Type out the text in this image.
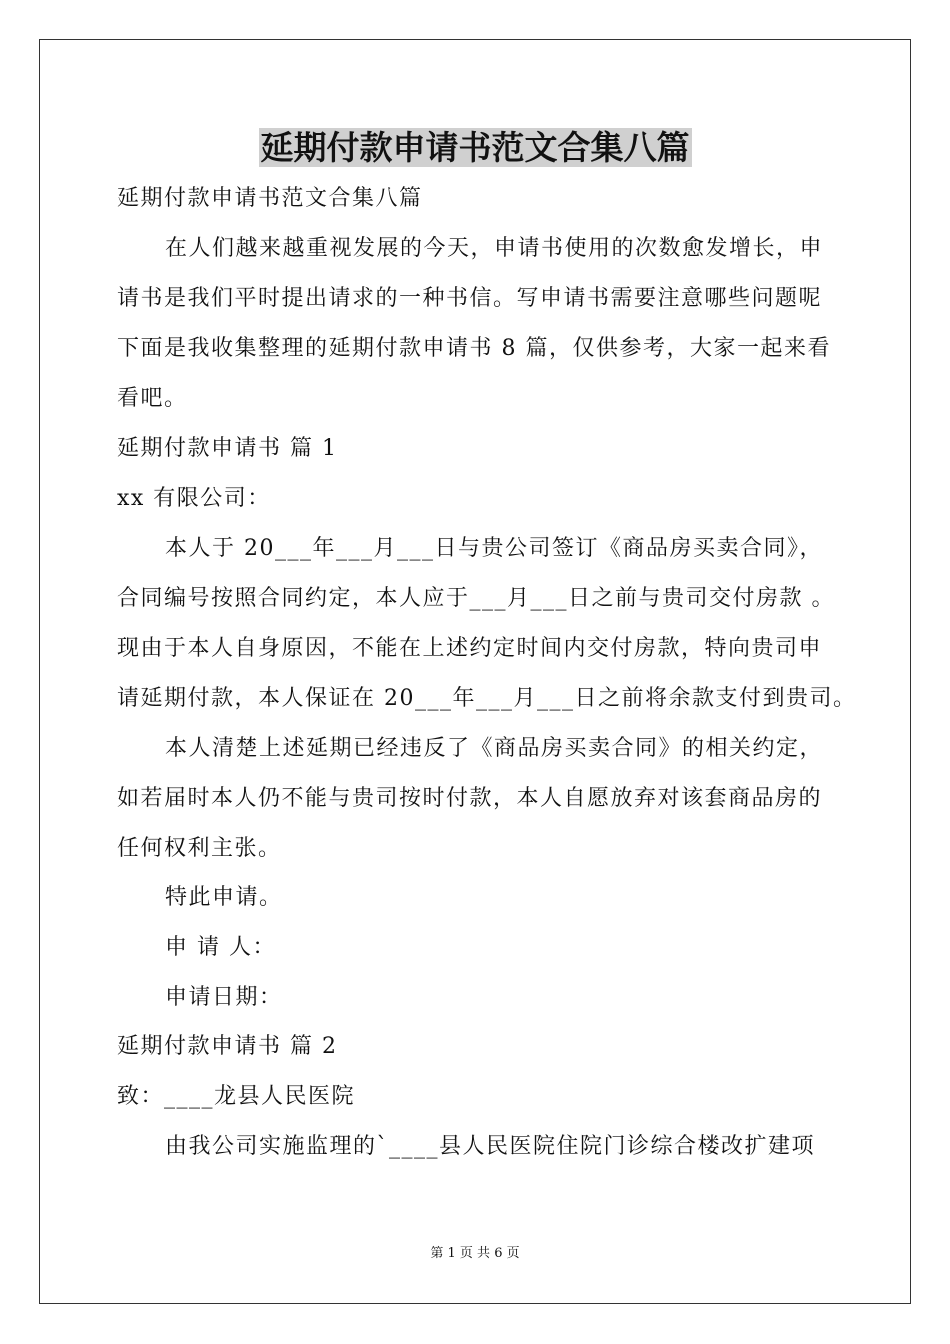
延期付款申请书范文合集八篇
延期付款申请书范文合集八篇
在人们越来越重视发展的今天，申请书使用的次数愈发增长，申
请书是我们平时提出请求的一种书信。写申请书需要注意哪些问题呢
下面是我收集整理的延期付款申请书 8 篇，仅供参考，大家一起来看
看吧。
延期付款申请书 篇 1
xx 有限公司：
本人于 20___年___月___日与贵公司签订《商品房买卖合同》，
合同编号按照合同约定，本人应于___月___日之前与贵司交付房款 。
现由于本人自身原因，不能在上述约定时间内交付房款，特向贵司申
请延期付款，本人保证在 20___年___月___日之前将余款支付到贵司。
本人清楚上述延期已经违反了《商品房买卖合同》的相关约定，
如若届时本人仍不能与贵司按时付款，本人自愿放弃对该套商品房的
任何权利主张。
特此申请。
申 请 人：
申请日期：
延期付款申请书 篇 2
致：____龙县人民医院
由我公司实施监理的`____县人民医院住院门诊综合楼改扩建项
第 1 页 共 6 页
